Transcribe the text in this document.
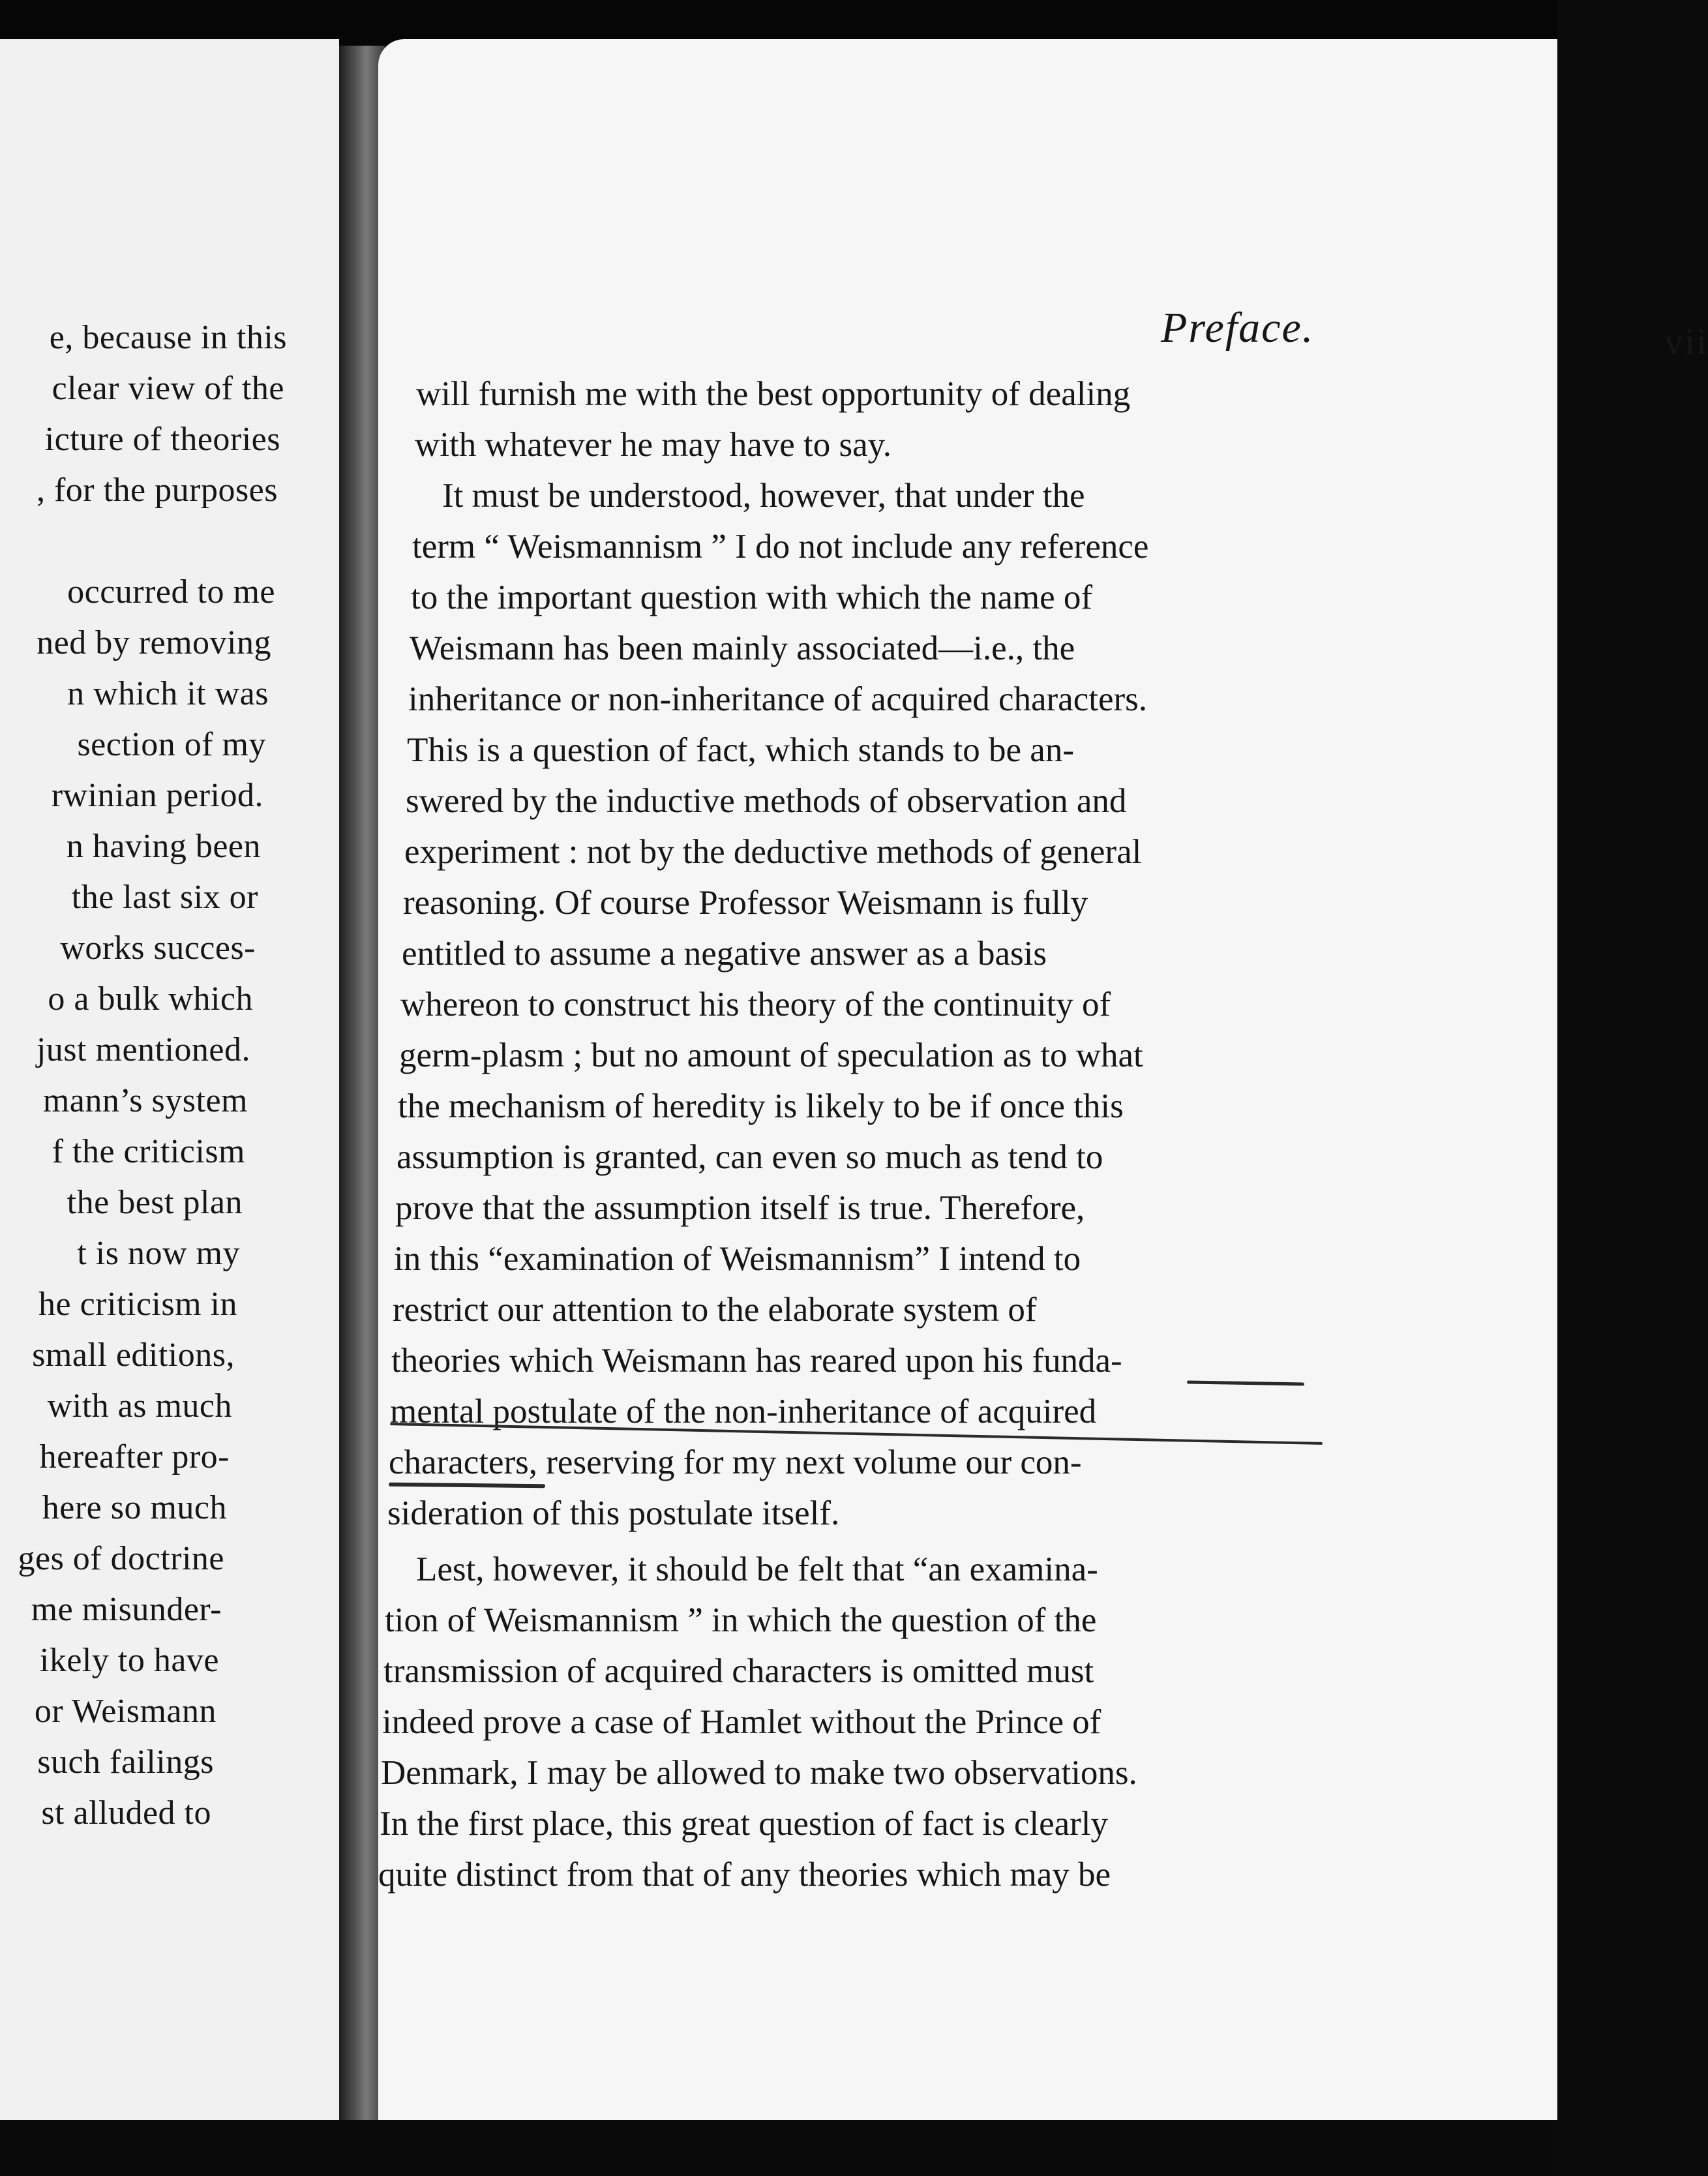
e, because in this
clear view of the
icture of theories
, for the purposes
occurred to me
ned by removing
n which it was
section of my
rwinian period.
n having been
the last six or
works succes-
o a bulk which
just mentioned.
mann’s system
f the criticism
the best plan
t is now my
he criticism in
small editions,
with as much
hereafter pro-
here so much
ges of doctrine
me misunder-
ikely to have
or Weismann
such failings
st alluded to
Preface.	vii
will furnish me with the best opportunity of dealing
with whatever he may have to say.
It must be understood, however, that under the
term “ Weismannism ” I do not include any reference
to the important question with which the name of
Weismann has been mainly associated—i.e., the
inheritance or non-inheritance of acquired characters.
This is a question of fact, which stands to be an-
swered by the inductive methods of observation and
experiment : not by the deductive methods of general
reasoning. Of course Professor Weismann is fully
entitled to assume a negative answer as a basis
whereon to construct his theory of the continuity of
germ-plasm ; but no amount of speculation as to what
the mechanism of heredity is likely to be if once this
assumption is granted, can even so much as tend to
prove that the assumption itself is true. Therefore,
in this “examination of Weismannism” I intend to
restrict our attention to the elaborate system of
theories which Weismann has reared upon his funda-
mental postulate of the non-inheritance of acquired
characters, reserving for my next volume our con-
sideration of this postulate itself.
Lest, however, it should be felt that “an examina-
tion of Weismannism ” in which the question of the
transmission of acquired characters is omitted must
indeed prove a case of Hamlet without the Prince of
Denmark, I may be allowed to make two observations.
In the first place, this great question of fact is clearly
quite distinct from that of any theories which may be
